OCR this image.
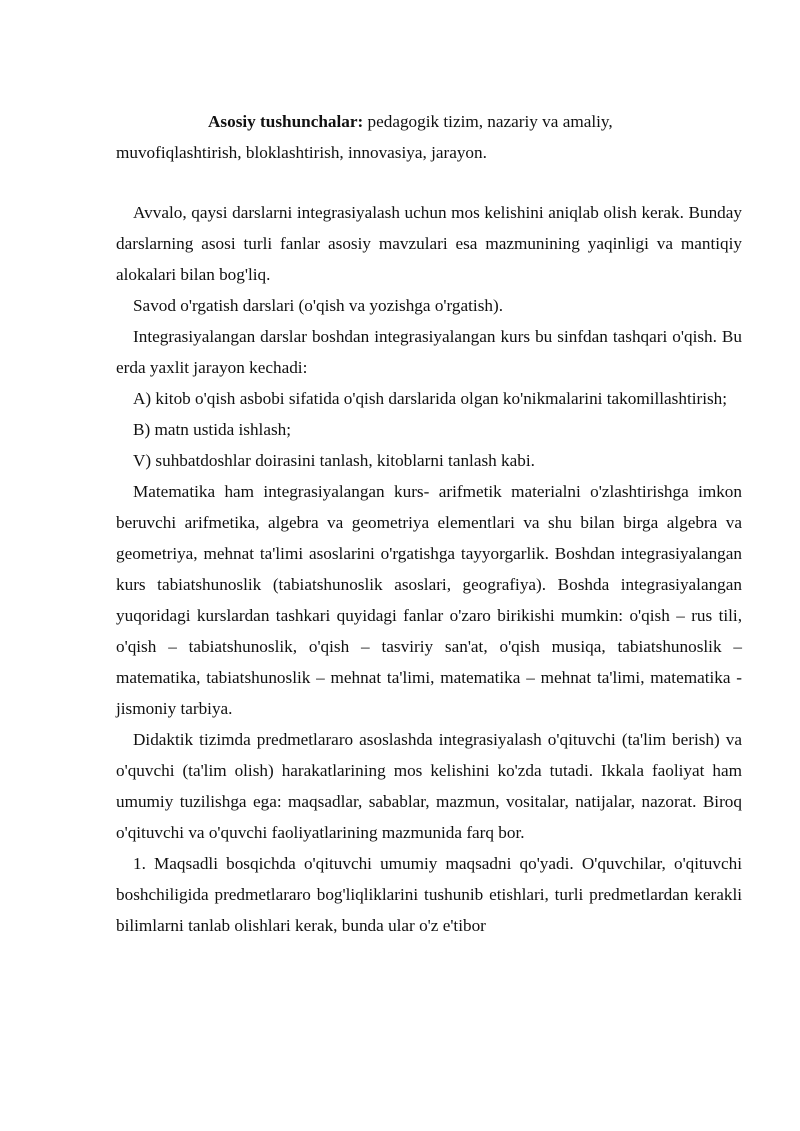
Asosiy tushunchalar: pedagogik tizim, nazariy va amaliy, muvofiqlashtirish, bloklashtirish, innovasiya, jarayon.

Avvalo, qaysi darslarni integrasiyalash uchun mos kelishini aniqlab olish kerak. Bunday darslarning asosi turli fanlar asosiy mavzulari esa mazmunining yaqinligi va mantiqiy alokalari bilan bog'liq.

Savod o'rgatish darslari (o'qish va yozishga o'rgatish).

Integrasiyalangan darslar boshdan integrasiyalangan kurs bu sinfdan tashqari o'qish. Bu erda yaxlit jarayon kechadi:

A) kitob o'qish asbobi sifatida o'qish darslarida olgan ko'nikmalarini takomillashtirish;

B) matn ustida ishlash;

V) suhbatdoshlar doirasini tanlash, kitoblarni tanlash kabi.

Matematika ham integrasiyalangan kurs- arifmetik materialni o'zlashtirishga imkon beruvchi arifmetika, algebra va geometriya elementlari va shu bilan birga algebra va geometriya, mehnat ta'limi asoslarini o'rgatishga tayyorgarlik. Boshdan integrasiyalangan kurs tabiatshunoslik (tabiatshunoslik asoslari, geografiya). Boshda integrasiyalangan yuqoridagi kurslardan tashkari quyidagi fanlar o'zaro birikishi mumkin: o'qish – rus tili, o'qish – tabiatshunoslik, o'qish – tasviriy san'at, o'qish musiqa, tabiatshunoslik – matematika, tabiatshunoslik – mehnat ta'limi, matematika – mehnat ta'limi, matematika - jismoniy tarbiya.

Didaktik tizimda predmetlararo asoslashda integrasiyalash o'qituvchi (ta'lim berish) va o'quvchi (ta'lim olish) harakatlarining mos kelishini ko'zda tutadi. Ikkala faoliyat ham umumiy tuzilishga ega: maqsadlar, sabablar, mazmun, vositalar, natijalar, nazorat. Biroq o'qituvchi va o'quvchi faoliyatlarining mazmunida farq bor.

1. Maqsadli bosqichda o'qituvchi umumiy maqsadni qo'yadi. O'quvchilar, o'qituvchi boshchiligida predmetlararo bog'liqliklarini tushunib etishlari, turli predmetlardan kerakli bilimlarni tanlab olishlari kerak, bunda ular o'z e'tibor
